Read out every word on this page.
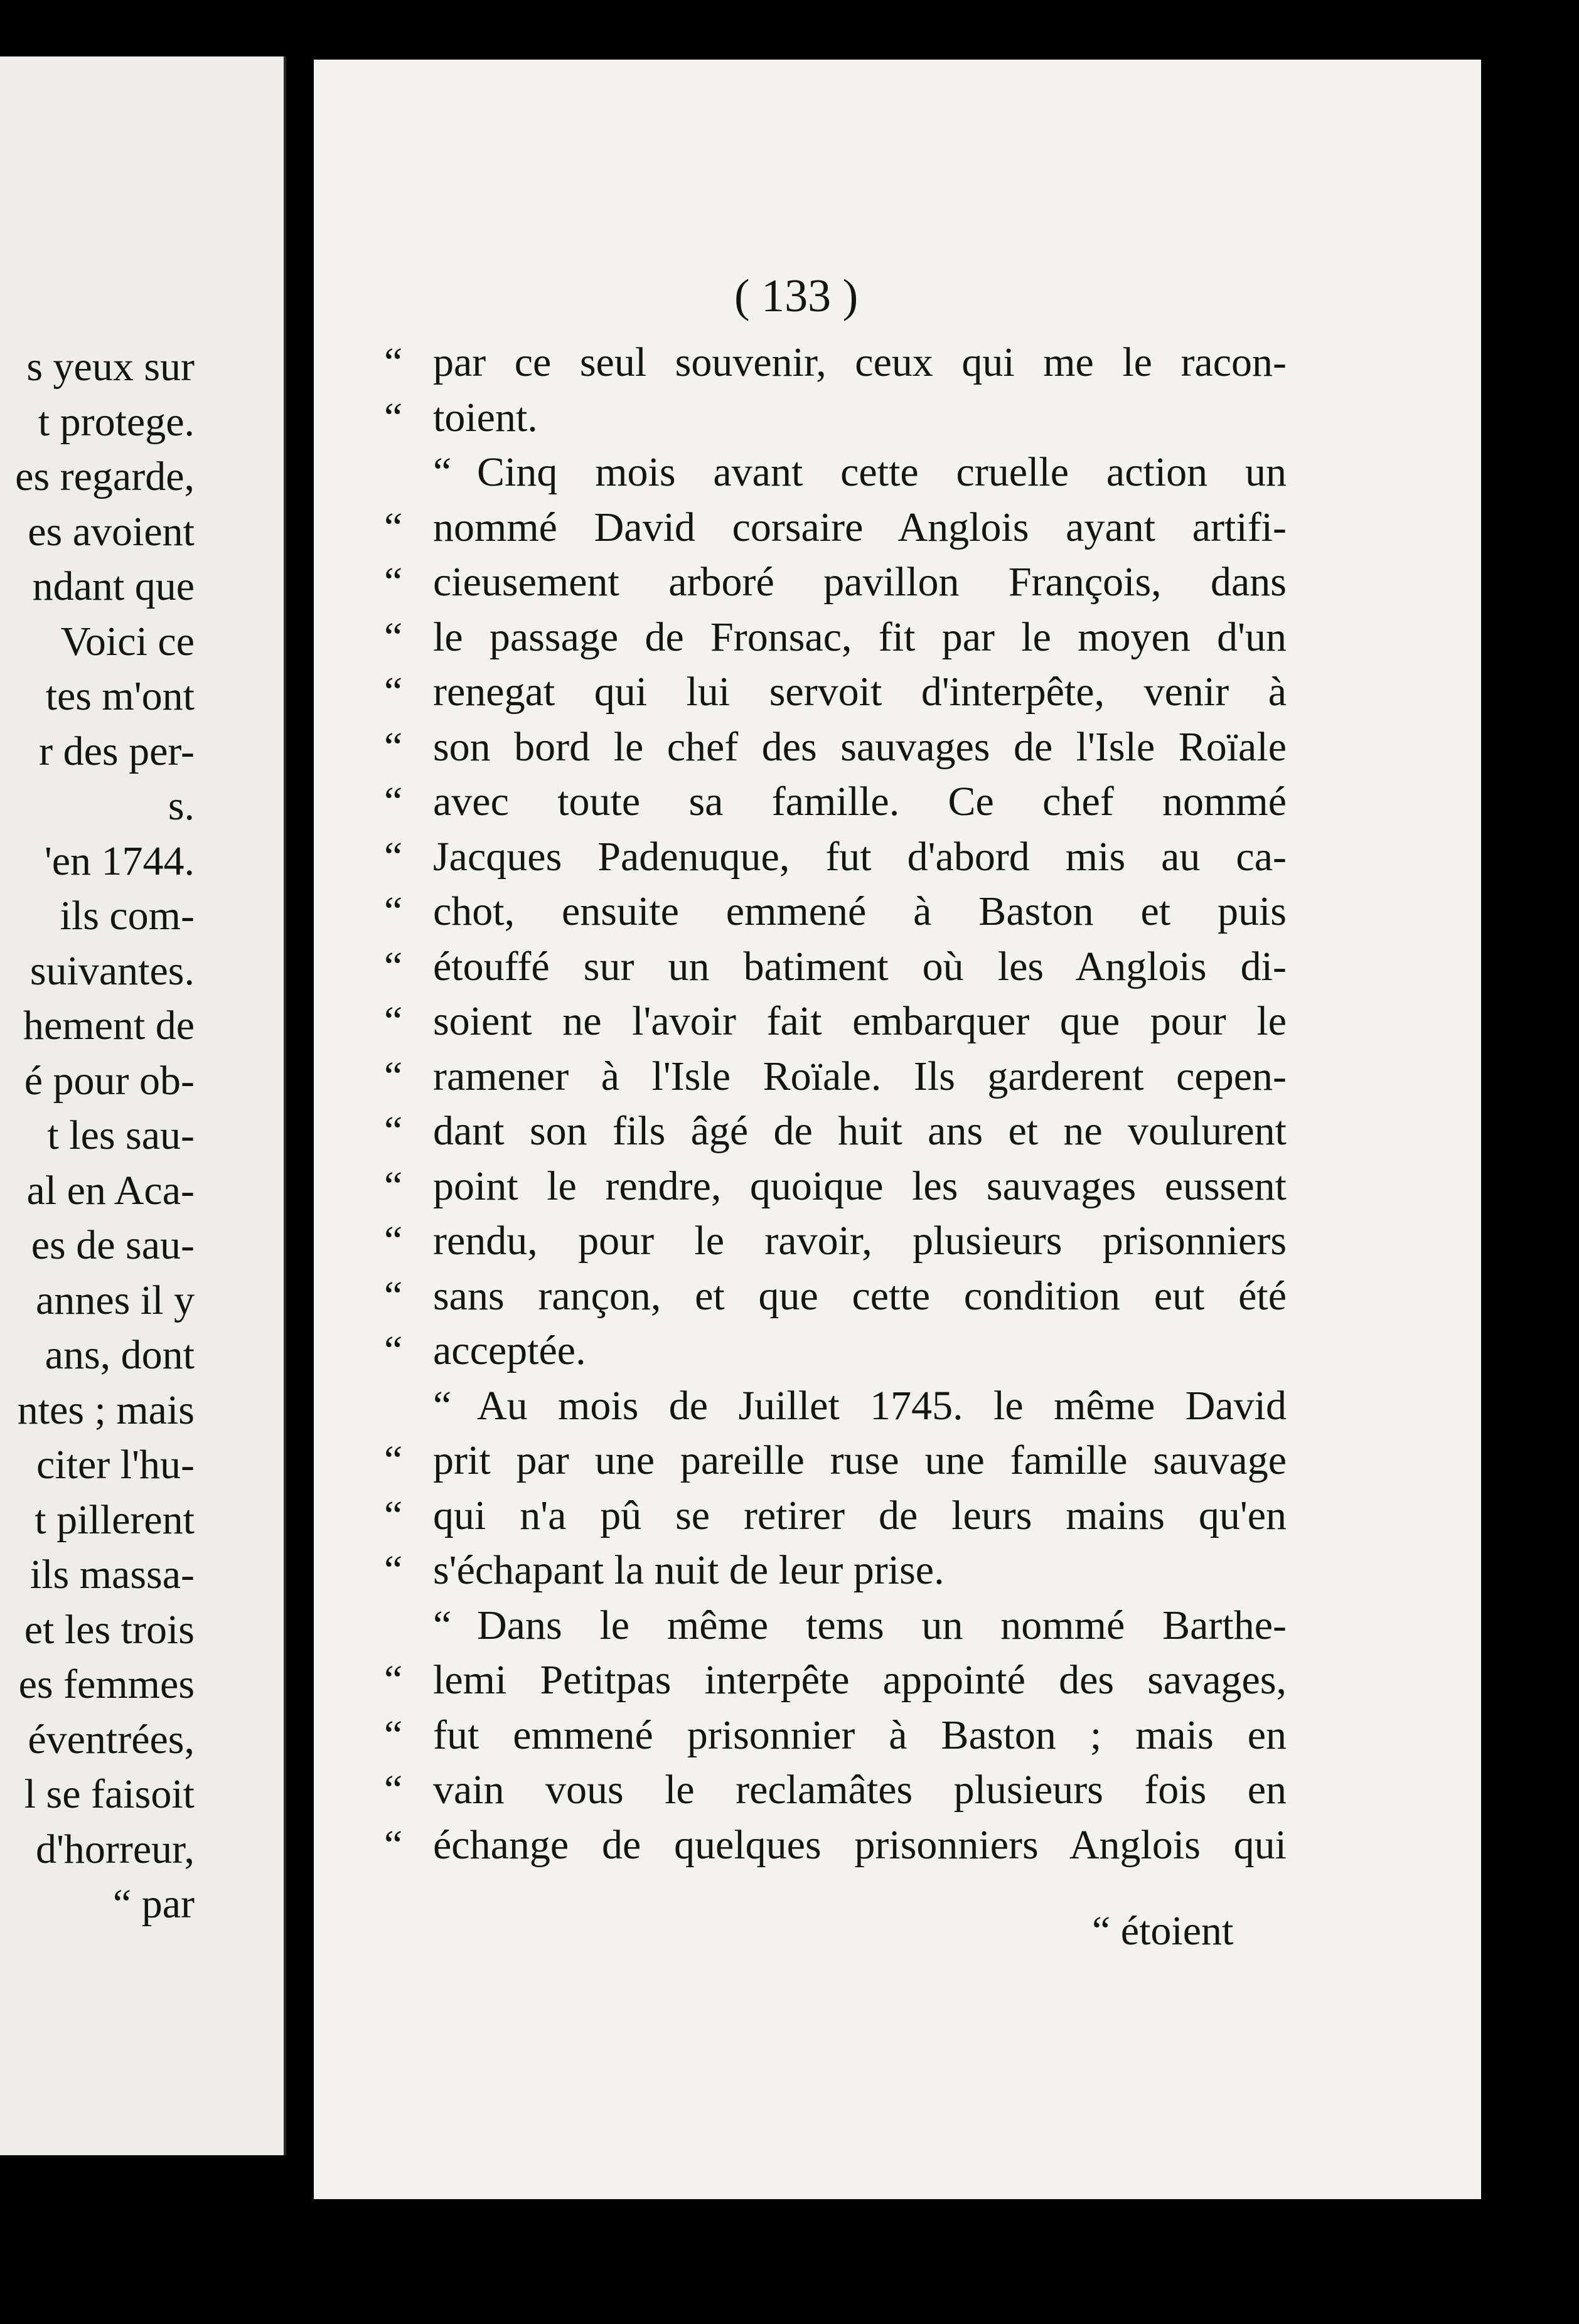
s yeux sur
t protege.
es regarde,
es avoient
ndant que
Voici ce
tes m'ont
r des per-
s.
'en 1744.
ils com-
suivantes.
hement de
é pour ob-
t les sau-
al en Aca-
es de sau-
annes il y
ans, dont
ntes ; mais
citer l'hu-
t pillerent
ils massa-
et les trois
es femmes
éventrées,
l se faisoit
d'horreur,
“ par
( 133 )
“ par ce seul souvenir, ceux qui me le racon-
“ toient.
“ Cinq mois avant cette cruelle action un
“ nommé David corsaire Anglois ayant artifi-
“ cieusement arboré pavillon François, dans
“ le passage de Fronsac, fit par le moyen d'un
“ renegat qui lui servoit d'interpête, venir à
“ son bord le chef des sauvages de l'Isle Roïale
“ avec toute sa famille. Ce chef nommé
“ Jacques Padenuque, fut d'abord mis au ca-
“ chot, ensuite emmené à Baston et puis
“ étouffé sur un batiment où les Anglois di-
“ soient ne l'avoir fait embarquer que pour le
“ ramener à l'Isle Roïale. Ils garderent cepen-
“ dant son fils âgé de huit ans et ne voulurent
“ point le rendre, quoique les sauvages eussent
“ rendu, pour le ravoir, plusieurs prisonniers
“ sans rançon, et que cette condition eut été
“ acceptée.
“ Au mois de Juillet 1745. le même David
“ prit par une pareille ruse une famille sauvage
“ qui n'a pû se retirer de leurs mains qu'en
“ s'échapant la nuit de leur prise.
“ Dans le même tems un nommé Barthe-
“ lemi Petitpas interpête appointé des savages,
“ fut emmené prisonnier à Baston ; mais en
“ vain vous le reclamâtes plusieurs fois en
“ échange de quelques prisonniers Anglois qui
“ étoient
